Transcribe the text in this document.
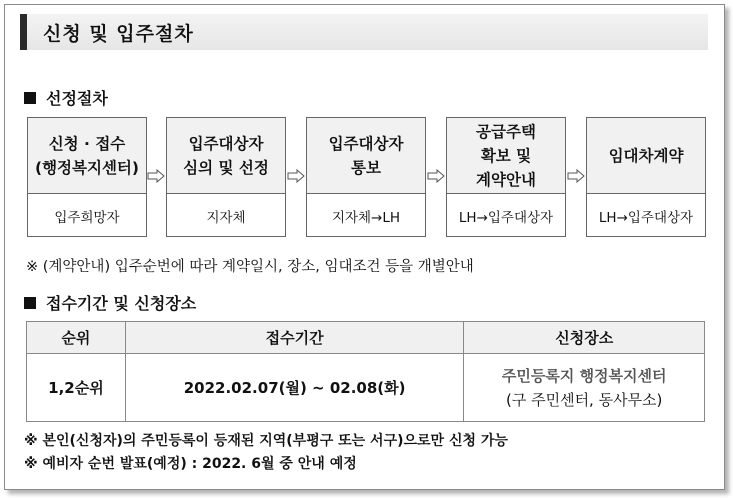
신청 및 입주절차
선정절차
신청 · 접수
(행정복지센터)
입주희망자
입주대상자
심의 및 선정
지자체
입주대상자
통보
지자체→LH
공급주택
확보 및
계약안내
LH→입주대상자
임대차계약
LH→입주대상자
※ (계약안내) 입주순번에 따라 계약일시, 장소, 임대조건 등을 개별안내
접수기간 및 신청장소
순위	접수기간	신청장소
1,2순위	2022.02.07(월) ~ 02.08(화)	주민등록지 행정복지센터
(구 주민센터, 동사무소)
※ 본인(신청자)의 주민등록이 등재된 지역(부평구 또는 서구)으로만 신청 가능
※ 예비자 순번 발표(예정) : 2022. 6월 중 안내 예정
